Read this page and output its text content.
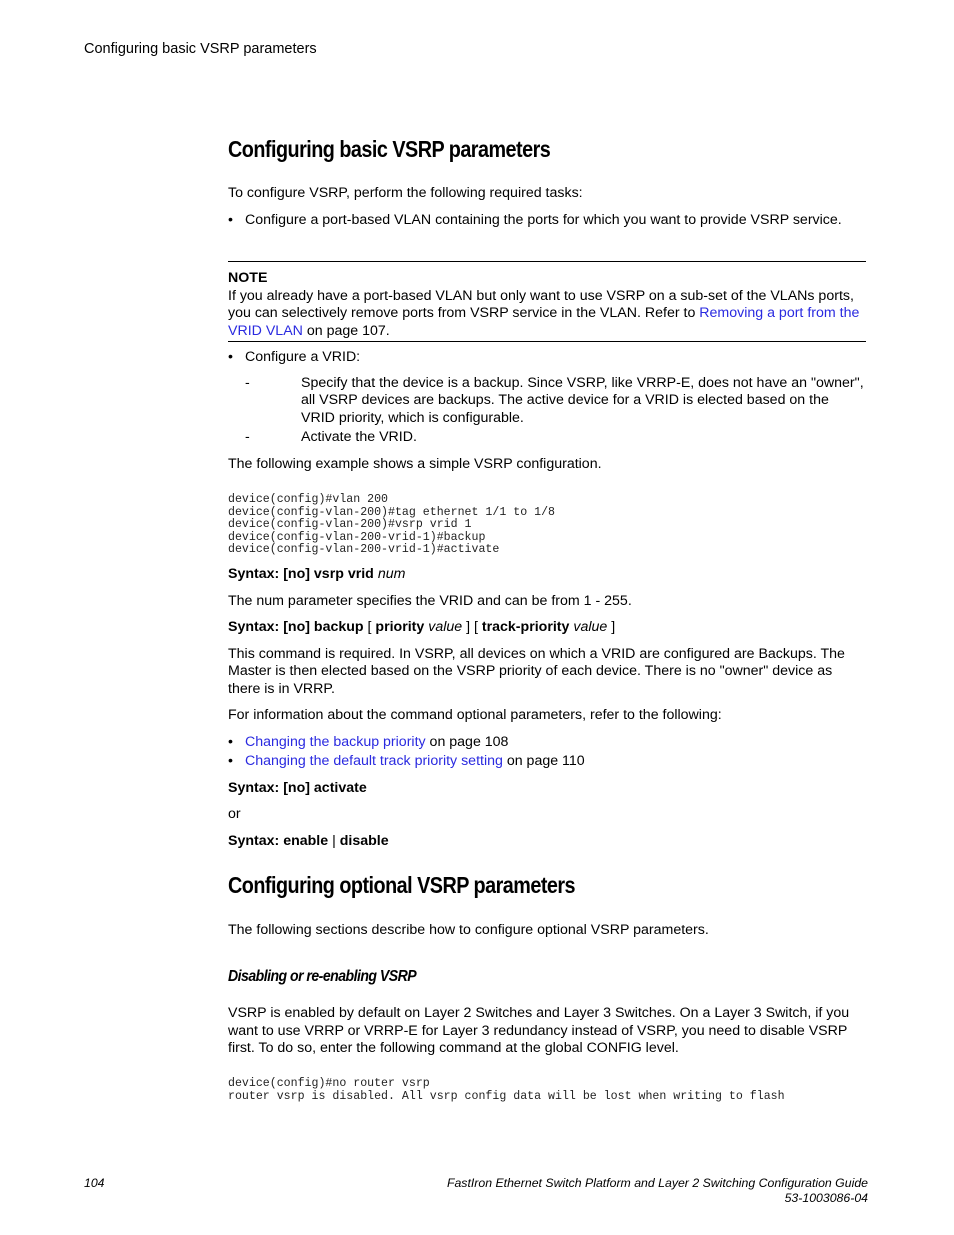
Configuring basic VSRP parameters
Configuring basic VSRP parameters

To configure VSRP, perform the following required tasks:

• Configure a port-based VLAN containing the ports for which you want to provide VSRP service.
NOTE
If you already have a port-based VLAN but only want to use VSRP on a sub-set of the VLANs ports, you can selectively remove ports from VSRP service in the VLAN. Refer to Removing a port from the VRID VLAN on page 107.
• Configure a VRID:
-	Specify that the device is a backup. Since VSRP, like VRRP-E, does not have an "owner", all VSRP devices are backups. The active device for a VRID is elected based on the VRID priority, which is configurable.
-	Activate the VRID.

The following example shows a simple VSRP configuration.

device(config)#vlan 200
device(config-vlan-200)#tag ethernet 1/1 to 1/8
device(config-vlan-200)#vsrp vrid 1
device(config-vlan-200-vrid-1)#backup
device(config-vlan-200-vrid-1)#activate

Syntax: [no] vsrp vrid num

The num parameter specifies the VRID and can be from 1 - 255.

Syntax: [no] backup [ priority value ] [ track-priority value ]

This command is required. In VSRP, all devices on which a VRID are configured are Backups. The Master is then elected based on the VSRP priority of each device. There is no "owner" device as there is in VRRP.

For information about the command optional parameters, refer to the following:

• Changing the backup priority on page 108
• Changing the default track priority setting on page 110

Syntax: [no] activate

or

Syntax: enable | disable

Configuring optional VSRP parameters
The following sections describe how to configure optional VSRP parameters.
Disabling or re-enabling VSRP
VSRP is enabled by default on Layer 2 Switches and Layer 3 Switches. On a Layer 3 Switch, if you want to use VRRP or VRRP-E for Layer 3 redundancy instead of VSRP, you need to disable VSRP first. To do so, enter the following command at the global CONFIG level.
device(config)#no router vsrp
router vsrp is disabled. All vsrp config data will be lost when writing to flash
104	FastIron Ethernet Switch Platform and Layer 2 Switching Configuration Guide
53-1003086-04
